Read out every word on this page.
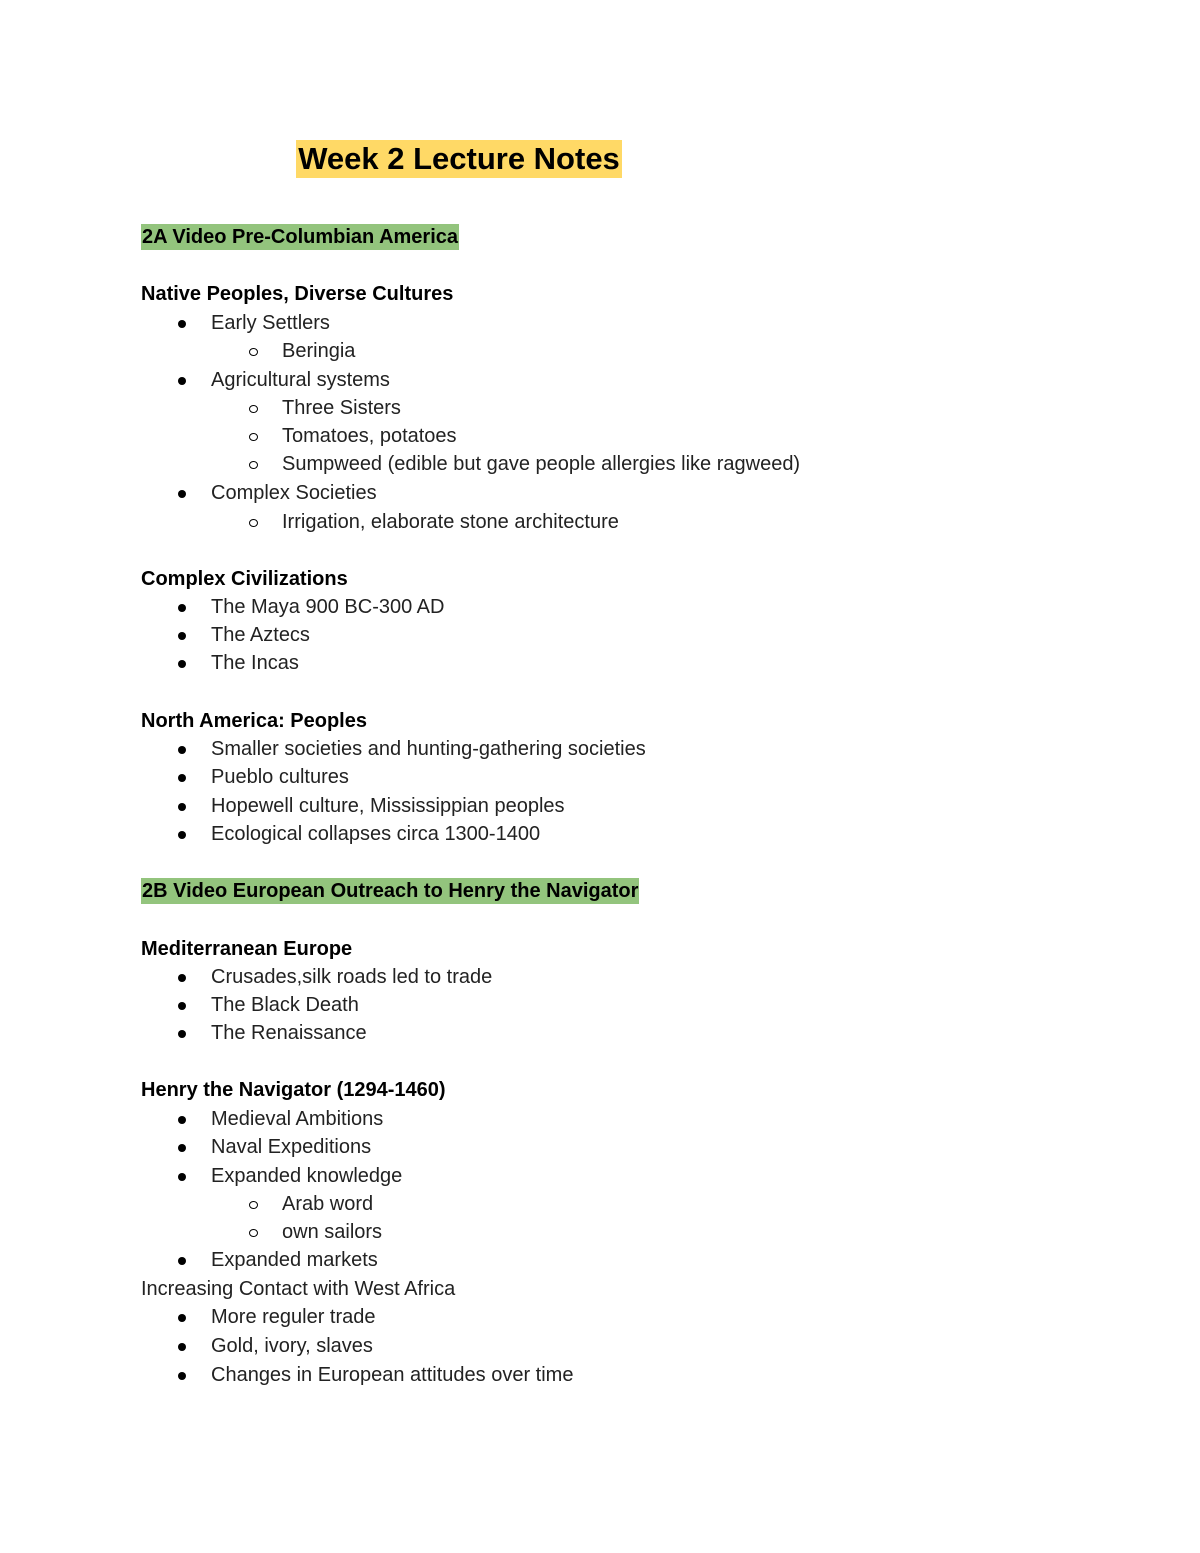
Week 2 Lecture Notes
2A Video Pre-Columbian America
Native Peoples, Diverse Cultures
Early Settlers
Beringia
Agricultural systems
Three Sisters
Tomatoes, potatoes
Sumpweed (edible but gave people allergies like ragweed)
Complex Societies
Irrigation, elaborate stone architecture
Complex Civilizations
The Maya 900 BC-300 AD
The Aztecs
The Incas
North America: Peoples
Smaller societies and hunting-gathering societies
Pueblo cultures
Hopewell culture, Mississippian peoples
Ecological collapses circa 1300-1400
2B Video European Outreach to Henry the Navigator
Mediterranean Europe
Crusades,silk roads led to trade
The Black Death
The Renaissance
Henry the Navigator (1294-1460)
Medieval Ambitions
Naval Expeditions
Expanded knowledge
Arab word
own sailors
Expanded markets
Increasing Contact with West Africa
More reguler trade
Gold, ivory, slaves
Changes in European attitudes over time
